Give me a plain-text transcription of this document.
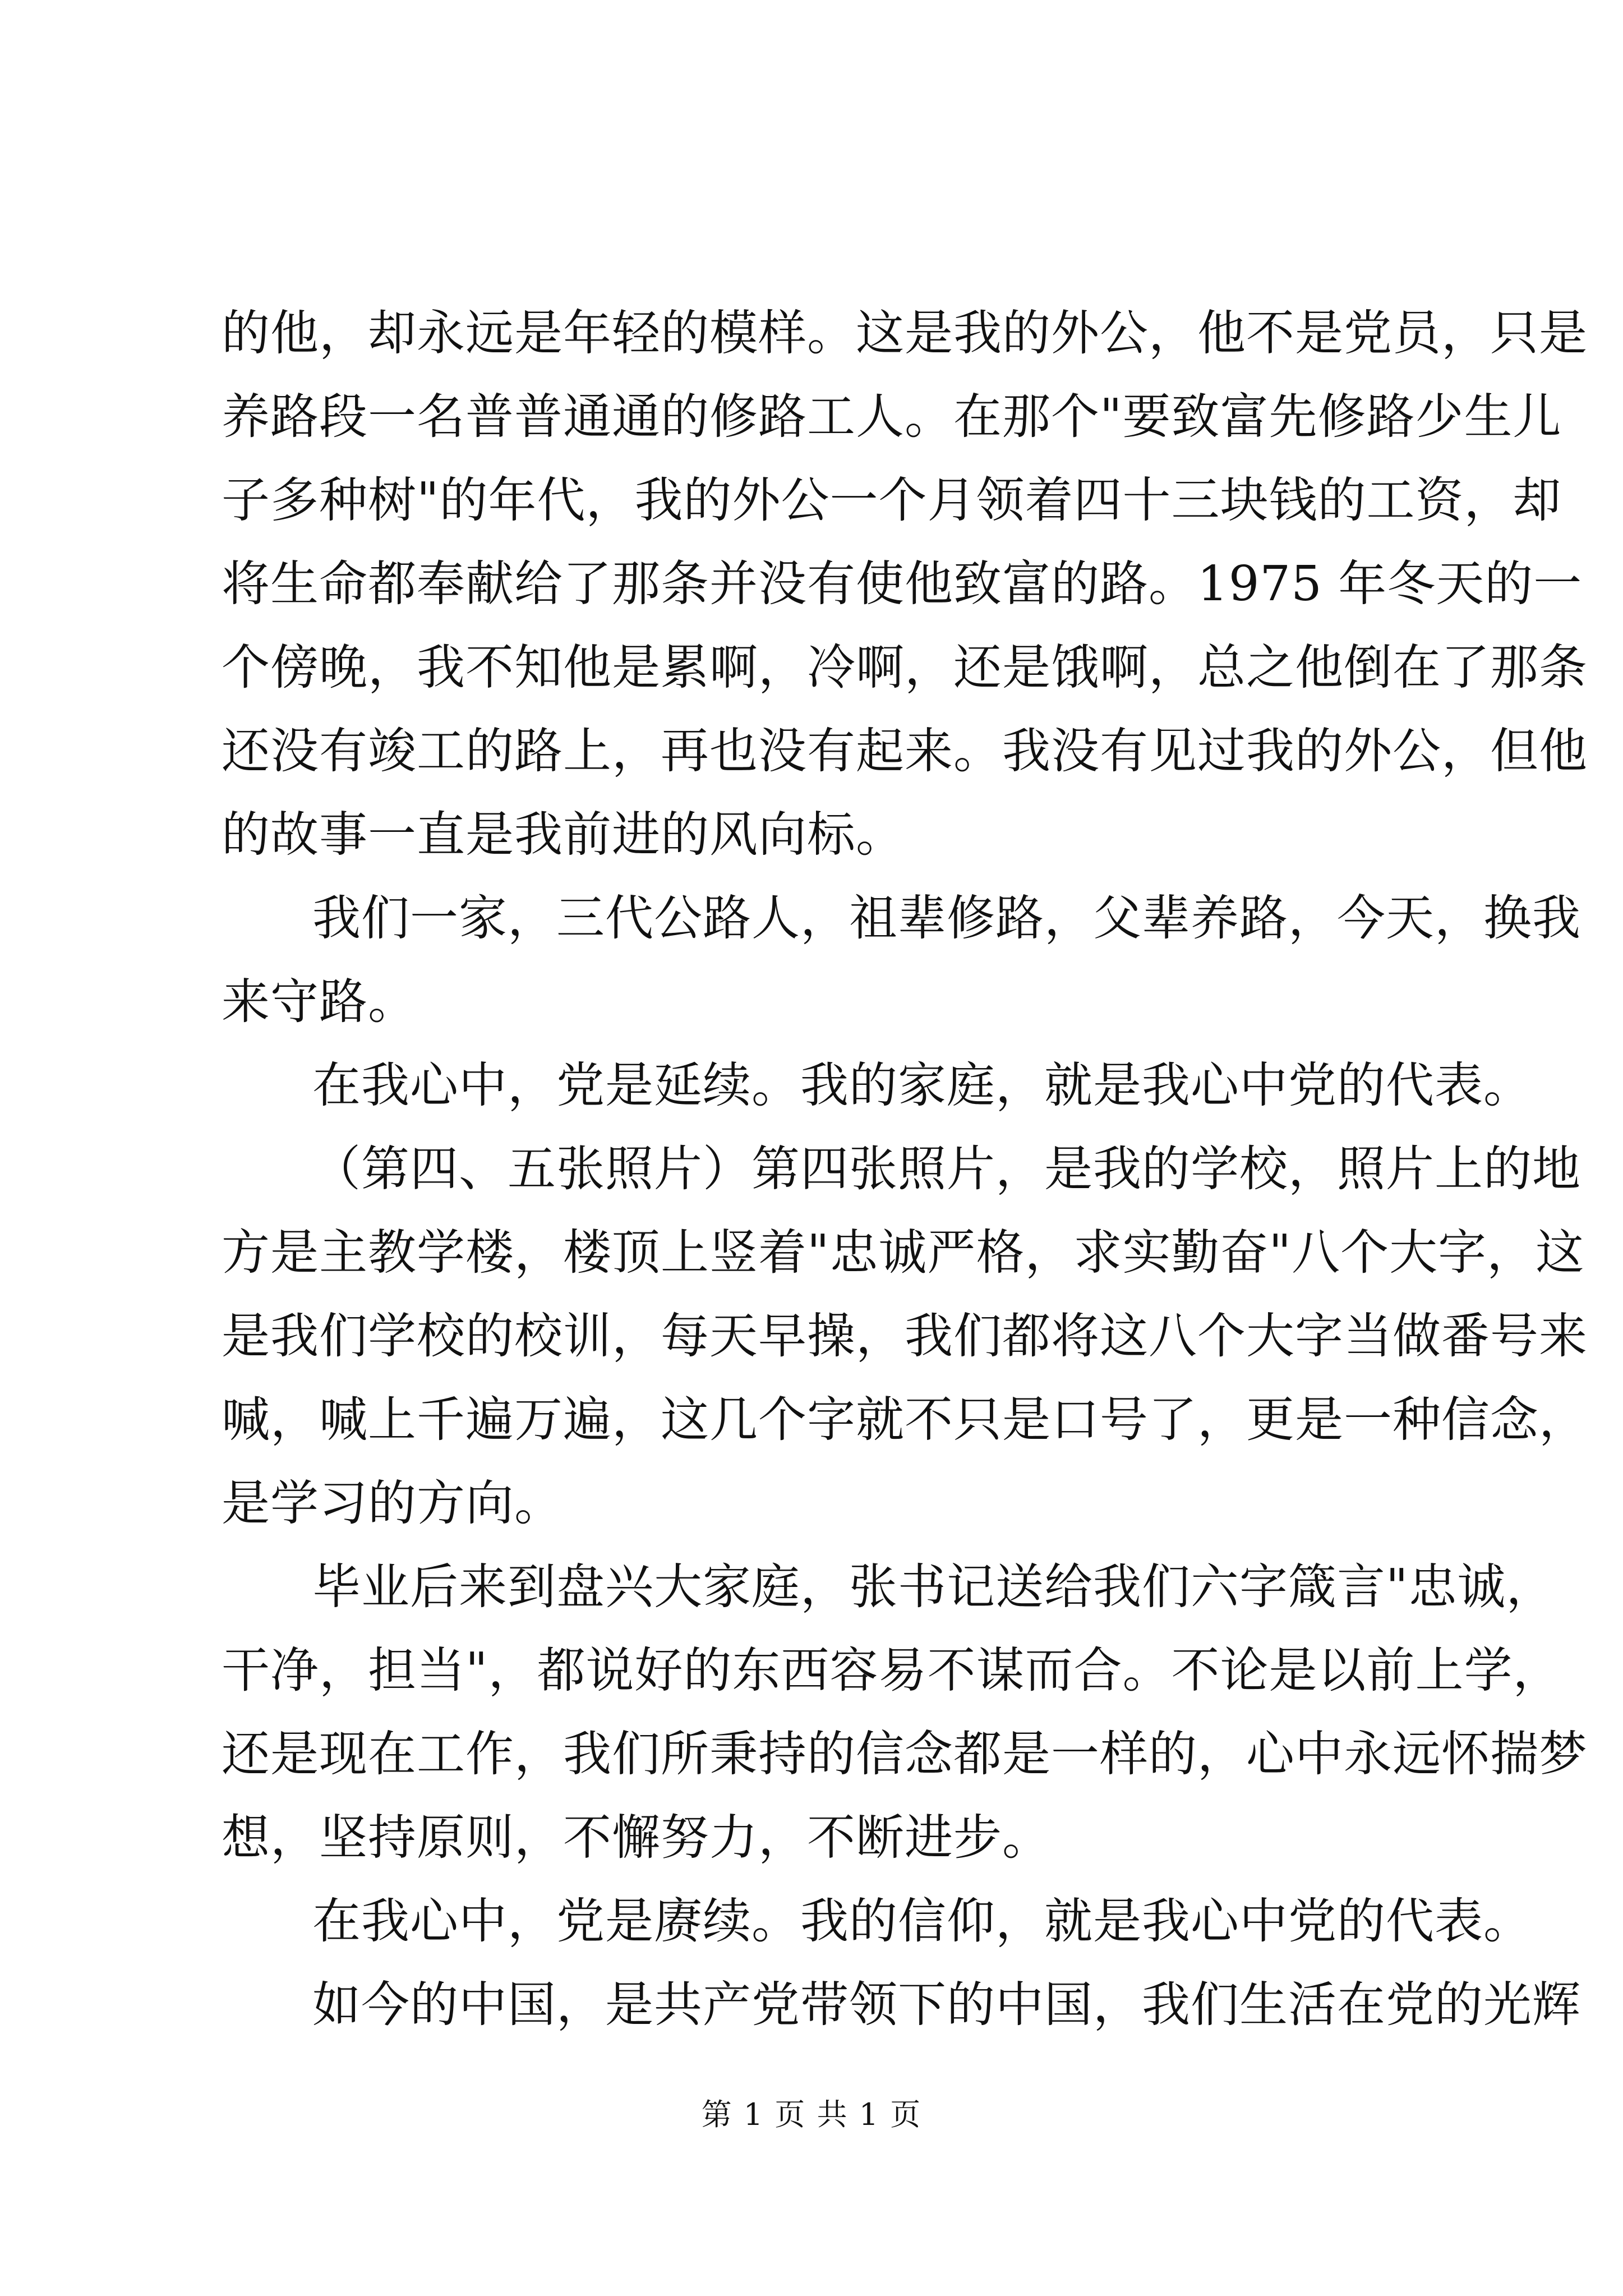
的他，却永远是年轻的模样。这是我的外公，他不是党员，只是
养路段一名普普通通的修路工人。在那个"要致富先修路少生儿
子多种树"的年代，我的外公一个月领着四十三块钱的工资，却
将生命都奉献给了那条并没有使他致富的路。1975 年冬天的一
个傍晚，我不知他是累啊，冷啊，还是饿啊，总之他倒在了那条
还没有竣工的路上，再也没有起来。我没有见过我的外公，但他
的故事一直是我前进的风向标。
我们一家，三代公路人，祖辈修路，父辈养路，今天，换我
来守路。
在我心中，党是延续。我的家庭，就是我心中党的代表。
（第四、五张照片）第四张照片，是我的学校，照片上的地
方是主教学楼，楼顶上竖着"忠诚严格，求实勤奋"八个大字，这
是我们学校的校训，每天早操，我们都将这八个大字当做番号来
喊，喊上千遍万遍，这几个字就不只是口号了，更是一种信念，
是学习的方向。
毕业后来到盘兴大家庭，张书记送给我们六字箴言"忠诚，
干净，担当"，都说好的东西容易不谋而合。不论是以前上学，
还是现在工作，我们所秉持的信念都是一样的，心中永远怀揣梦
想，坚持原则，不懈努力，不断进步。
在我心中，党是赓续。我的信仰，就是我心中党的代表。
如今的中国，是共产党带领下的中国，我们生活在党的光辉
第 1 页 共 1 页
